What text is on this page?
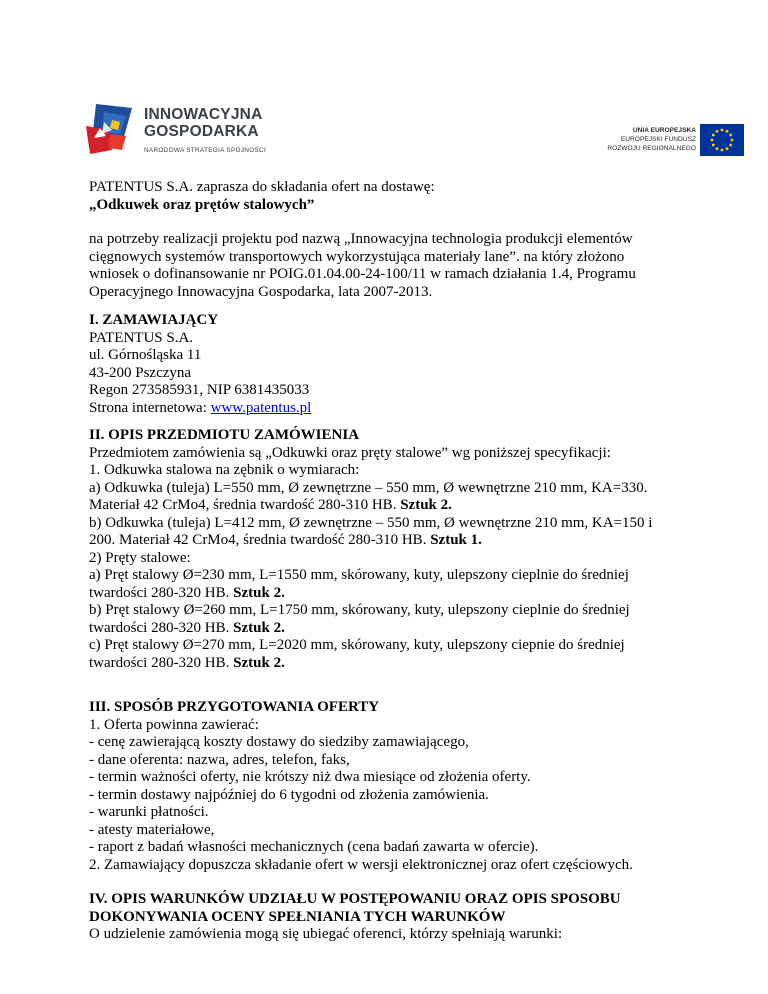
INNOWACYJNA
GOSPODARKA
NARODOWA STRATEGIA SPÓJNOŚCI
UNIA EUROPEJSKA
EUROPEJSKI FUNDUSZ
ROZWOJU REGIONALNEGO
PATENTUS S.A. zaprasza do składania ofert na dostawę:
„Odkuwek oraz prętów stalowych”
na potrzeby realizacji projektu pod nazwą „Innowacyjna technologia produkcji elementów
cięgnowych systemów transportowych wykorzystująca materiały lane”. na który złożono
wniosek o dofinansowanie nr POIG.01.04.00-24-100/11 w ramach działania 1.4, Programu
Operacyjnego Innowacyjna Gospodarka, lata 2007-2013.
I. ZAMAWIAJĄCY
PATENTUS S.A.
ul. Górnośląska 11
43-200 Pszczyna
Regon 273585931, NIP 6381435033
Strona internetowa: www.patentus.pl
II. OPIS PRZEDMIOTU ZAMÓWIENIA
Przedmiotem zamówienia są „Odkuwki oraz pręty stalowe” wg poniższej specyfikacji:
1. Odkuwka stalowa na zębnik o wymiarach:
a) Odkuwka (tuleja) L=550 mm, Ø zewnętrzne – 550 mm, Ø wewnętrzne 210 mm, KA=330.
Materiał 42 CrMo4, średnia twardość 280-310 HB. Sztuk 2.
b) Odkuwka (tuleja) L=412 mm, Ø zewnętrzne – 550 mm, Ø wewnętrzne 210 mm, KA=150 i
200. Materiał 42 CrMo4, średnia twardość 280-310 HB. Sztuk 1.
2) Pręty stalowe:
a) Pręt stalowy Ø=230 mm, L=1550 mm, skórowany, kuty, ulepszony cieplnie do średniej
twardości 280-320 HB. Sztuk 2.
b) Pręt stalowy Ø=260 mm, L=1750 mm, skórowany, kuty, ulepszony cieplnie do średniej
twardości 280-320 HB. Sztuk 2.
c) Pręt stalowy Ø=270 mm, L=2020 mm, skórowany, kuty, ulepszony ciepnie do średniej
twardości 280-320 HB. Sztuk 2.
III. SPOSÓB PRZYGOTOWANIA OFERTY
1. Oferta powinna zawierać:
- cenę zawierającą koszty dostawy do siedziby zamawiającego,
- dane oferenta: nazwa, adres, telefon, faks,
- termin ważności oferty, nie krótszy niż dwa miesiące od złożenia oferty.
- termin dostawy najpóźniej do 6 tygodni od złożenia zamówienia.
- warunki płatności.
- atesty materiałowe,
- raport z badań własności mechanicznych (cena badań zawarta w ofercie).
2. Zamawiający dopuszcza składanie ofert w wersji elektronicznej oraz ofert częściowych.
IV. OPIS WARUNKÓW UDZIAŁU W POSTĘPOWANIU ORAZ OPIS SPOSOBU
DOKONYWANIA OCENY SPEŁNIANIA TYCH WARUNKÓW
O udzielenie zamówienia mogą się ubiegać oferenci, którzy spełniają warunki:
